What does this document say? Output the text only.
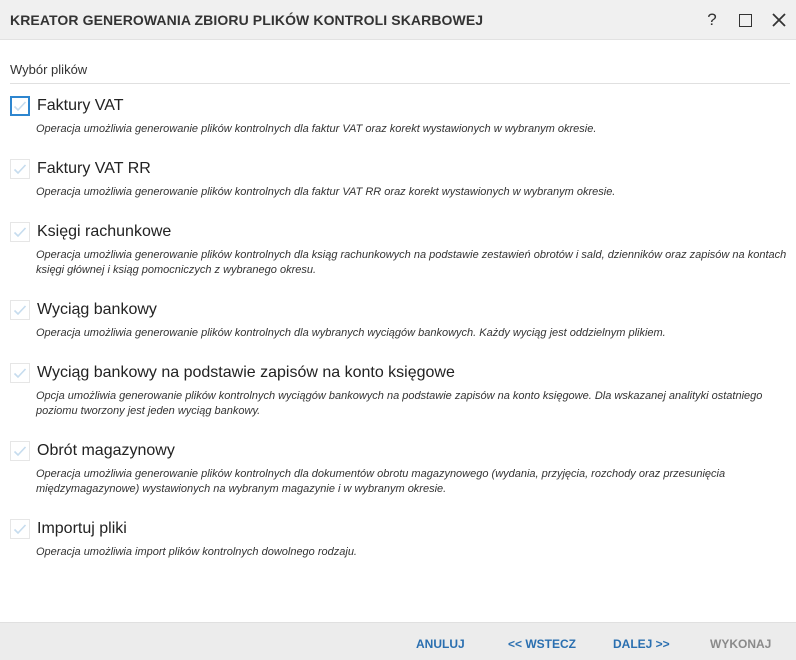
KREATOR GENEROWANIA ZBIORU PLIKÓW KONTROLI SKARBOWEJ	?
Wybór plików
Faktury VAT
Operacja umożliwia generowanie plików kontrolnych dla faktur VAT oraz korekt wystawionych w wybranym okresie.
Faktury VAT RR
Operacja umożliwia generowanie plików kontrolnych dla faktur VAT RR oraz korekt wystawionych w wybranym okresie.
Księgi rachunkowe
Operacja umożliwia generowanie plików kontrolnych dla ksiąg rachunkowych na podstawie zestawień obrotów i sald, dzienników oraz zapisów na kontach księgi głównej i ksiąg pomocniczych z wybranego okresu.
Wyciąg bankowy
Operacja umożliwia generowanie plików kontrolnych dla wybranych wyciągów bankowych. Każdy wyciąg jest oddzielnym plikiem.
Wyciąg bankowy na podstawie zapisów na konto księgowe
Opcja umożliwia generowanie plików kontrolnych wyciągów bankowych na podstawie zapisów na konto księgowe. Dla wskazanej analityki ostatniego poziomu tworzony jest jeden wyciąg bankowy.
Obrót magazynowy
Operacja umożliwia generowanie plików kontrolnych dla dokumentów obrotu magazynowego (wydania, przyjęcia, rozchody oraz przesunięcia międzymagazynowe) wystawionych na wybranym magazynie i w wybranym okresie.
Importuj pliki
Operacja umożliwia import plików kontrolnych dowolnego rodzaju.
ANULUJ	<< WSTECZ	DALEJ >>	WYKONAJ
